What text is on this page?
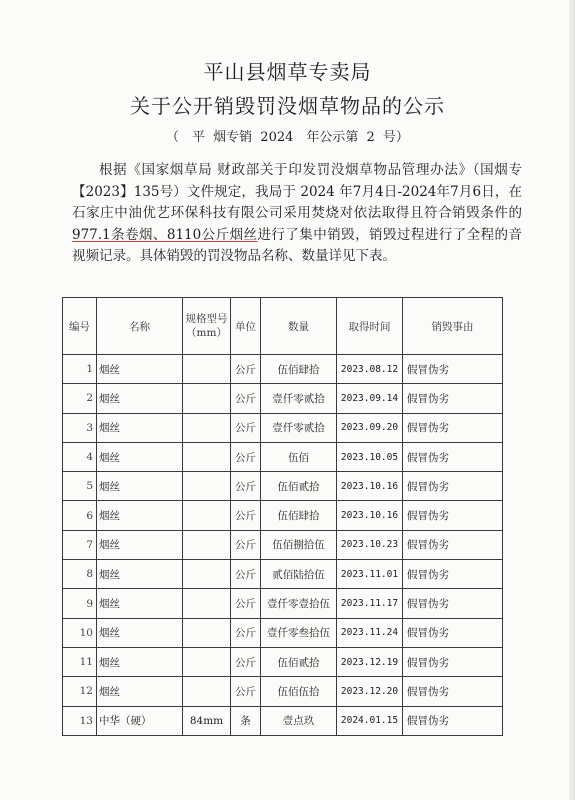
平山县烟草专卖局
关于公开销毁罚没烟草物品的公示
（　平 烟专销 2024　年公示第 2 号）

根据《国家烟草局 财政部关于印发罚没烟草物品管理办法》（国烟专【2023】135号）文件规定，我局于 2024 年7月4日-2024年7月6日，在石家庄中油优艺环保科技有限公司采用焚烧对依法取得且符合销毁条件的977.1条卷烟、8110公斤烟丝进行了集中销毁，销毁过程进行了全程的音视频记录。具体销毁的罚没物品名称、数量详见下表。

编号	名称	规格型号（mm）	单位	数量	取得时间	销毁事由
1	烟丝		公斤	伍佰肆拾	2023.08.12	假冒伪劣
2	烟丝		公斤	壹仟零贰拾	2023.09.14	假冒伪劣
3	烟丝		公斤	壹仟零贰拾	2023.09.20	假冒伪劣
4	烟丝		公斤	伍佰	2023.10.05	假冒伪劣
5	烟丝		公斤	伍佰贰拾	2023.10.16	假冒伪劣
6	烟丝		公斤	伍佰肆拾	2023.10.16	假冒伪劣
7	烟丝		公斤	伍佰捌拾伍	2023.10.23	假冒伪劣
8	烟丝		公斤	贰佰陆拾伍	2023.11.01	假冒伪劣
9	烟丝		公斤	壹仟零壹拾伍	2023.11.17	假冒伪劣
10	烟丝		公斤	壹仟零叁拾伍	2023.11.24	假冒伪劣
11	烟丝		公斤	伍佰贰拾	2023.12.19	假冒伪劣
12	烟丝		公斤	伍佰伍拾	2023.12.20	假冒伪劣
13	中华（硬）	84mm	条	壹点玖	2024.01.15	假冒伪劣
